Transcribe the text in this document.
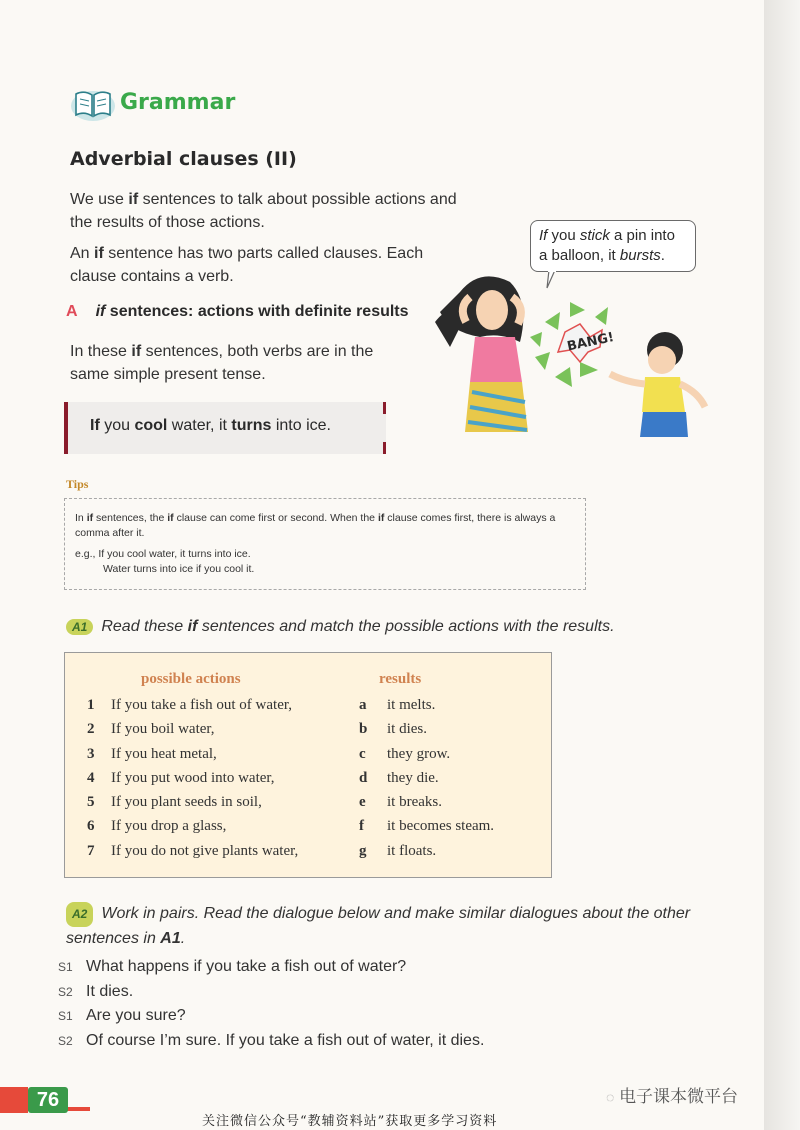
Grammar
Adverbial clauses (II)
We use if sentences to talk about possible actions and the results of those actions.
An if sentence has two parts called clauses. Each clause contains a verb.
A if sentences: actions with definite results
In these if sentences, both verbs are in the same simple present tense.
If you cool water, it turns into ice.
If you stick a pin into a balloon, it bursts.
BANG!
Tips
In if sentences, the if clause can come first or second. When the if clause comes first, there is always a comma after it.
e.g., If you cool water, it turns into ice.
Water turns into ice if you cool it.
A1 Read these if sentences and match the possible actions with the results.
possible actions	results
1 If you take a fish out of water,
2 If you boil water,
3 If you heat metal,
4 If you put wood into water,
5 If you plant seeds in soil,
6 If you drop a glass,
7 If you do not give plants water,
a it melts.
b it dies.
c they grow.
d they die.
e it breaks.
f it becomes steam.
g it floats.
A2 Work in pairs. Read the dialogue below and make similar dialogues about the other sentences in A1.
S1 What happens if you take a fish out of water?
S2 It dies.
S1 Are you sure?
S2 Of course I’m sure. If you take a fish out of water, it dies.
76	◌ 电子课本微平台
关注微信公众号“教辅资料站”获取更多学习资料
